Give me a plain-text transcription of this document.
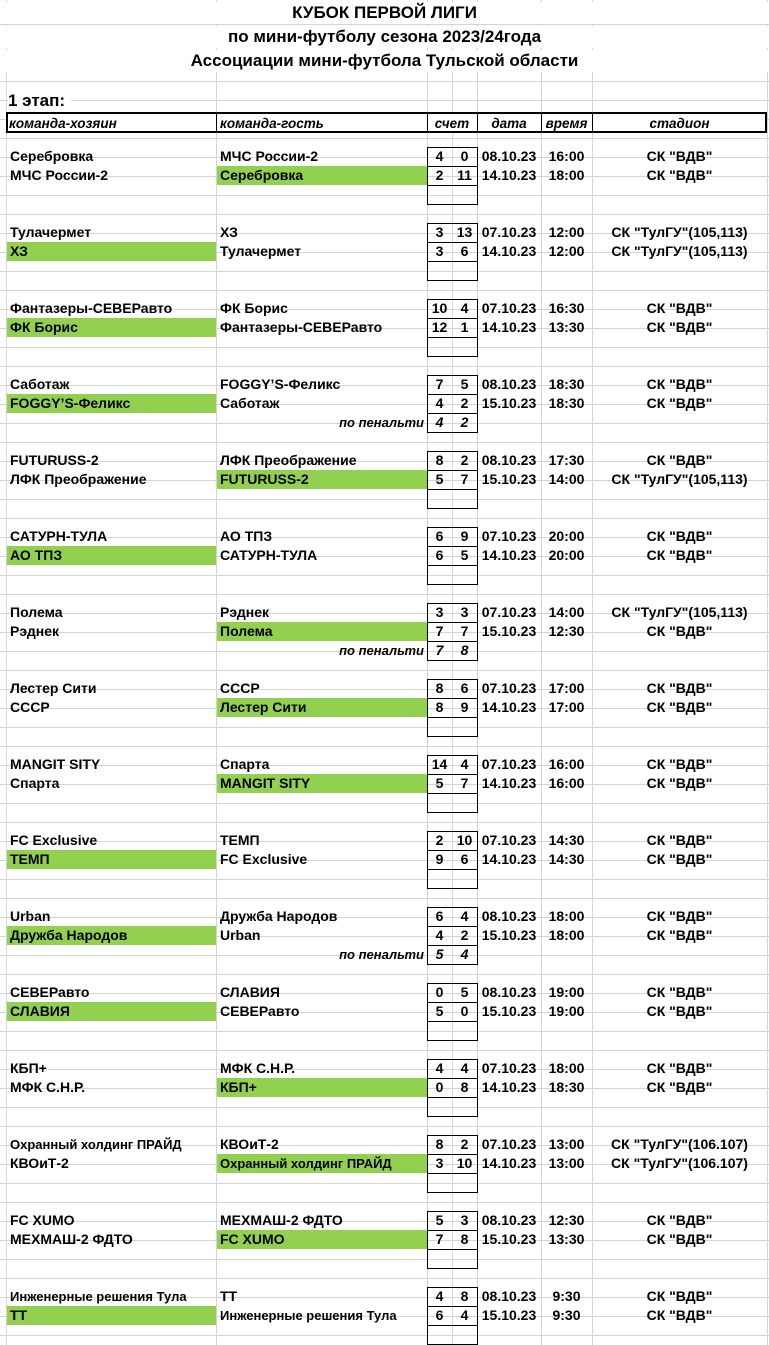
КУБОК ПЕРВОЙ ЛИГИ
по мини-футболу сезона 2023/24года
Ассоциации мини-футбола Тульской области
1 этап:
команда-хозяин	команда-гость	счет	дата	время	стадион
Серебровка	МЧС России-2	4	0 08.10.23 16:00	СК "ВДВ"
МЧС России-2	Серебровка	2 11 14.10.23 18:00	СК "ВДВ"
Тулачермет	ХЗ	3 13 07.10.23 12:00	СК "ТулГУ"(105,113)
ХЗ	Тулачермет	3	6 14.10.23 12:00	СК "ТулГУ"(105,113)
Фантазеры-СЕВЕРавто	ФК Борис	10 4 07.10.23 16:30	СК "ВДВ"
ФК Борис	Фантазеры-СЕВЕРавто	12 1 14.10.23 13:30	СК "ВДВ"
Саботаж	FOGGY’S-Феликс	7	5 08.10.23 18:30	СК "ВДВ"
FOGGY’S-Феликс	Саботаж	4	2 15.10.23 18:30	СК "ВДВ"
по пенальти 4	2
FUTURUSS-2	ЛФК Преображение	8	2 08.10.23 17:30	СК "ВДВ"
ЛФК Преображение	FUTURUSS-2	5	7 15.10.23 14:00	СК "ТулГУ"(105,113)
САТУРН-ТУЛА	АО ТПЗ	6	9 07.10.23 20:00	СК "ВДВ"
АО ТПЗ	САТУРН-ТУЛА	6	5 14.10.23 20:00	СК "ВДВ"
Полема	Рэднек	3	3 07.10.23 14:00	СК "ТулГУ"(105,113)
Рэднек	Полема	7	7 15.10.23 12:30	СК "ВДВ"
по пенальти 7	8
Лестер Сити	СССР	8	6 07.10.23 17:00	СК "ВДВ"
СССР	Лестер Сити	8	9 14.10.23 17:00	СК "ВДВ"
MANGIT SITY	Спарта	14 4 07.10.23 16:00	СК "ВДВ"
Спарта	MANGIT SITY	5	7 14.10.23 16:00	СК "ВДВ"
FC Exclusive	ТЕМП	2 10 07.10.23 14:30	СК "ВДВ"
ТЕМП	FC Exclusive	9	6 14.10.23 14:30	СК "ВДВ"
Urban	Дружба Народов	6	4 08.10.23 18:00	СК "ВДВ"
Дружба Народов	Urban	4	2 15.10.23 18:00	СК "ВДВ"
по пенальти 5	4
СЕВЕРавто	СЛАВИЯ	0	5 08.10.23 19:00	СК "ВДВ"
СЛАВИЯ	СЕВЕРавто	5	0 15.10.23 19:00	СК "ВДВ"
КБП+	МФК С.Н.Р.	4	4 07.10.23 18:00	СК "ВДВ"
МФК С.Н.Р.	КБП+	0	8 14.10.23 18:30	СК "ВДВ"
Охранный холдинг ПРАЙД	КВОиТ-2	8	2 07.10.23 13:00	СК "ТулГУ"(106.107)
КВОиТ-2	Охранный холдинг ПРАЙД	3 10 14.10.23 13:00	СК "ТулГУ"(106.107)
FC XUMO	МЕХМАШ-2 ФДТО	5	3 08.10.23 12:30	СК "ВДВ"
МЕХМАШ-2 ФДТО	FC XUMO	7	8 15.10.23 13:30	СК "ВДВ"
Инженерные решения Тула	ТТ	4	8 08.10.23	9:30	СК "ВДВ"
ТТ	Инженерные решения Тула	6	4 15.10.23	9:30	СК "ВДВ"
